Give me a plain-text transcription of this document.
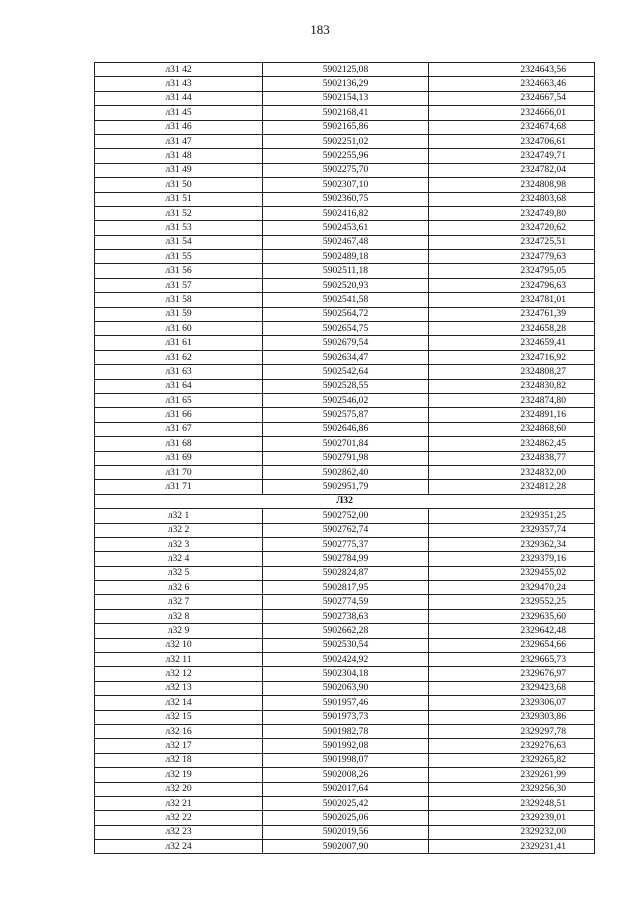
183
л31 42	5902125,08	2324643,56
л31 43	5902136,29	2324663,46
л31 44	5902154,13	2324667,54
л31 45	5902168,41	2324666,01
л31 46	5902165,86	2324674,68
л31 47	5902251,02	2324706,61
л31 48	5902255,96	2324749,71
л31 49	5902275,70	2324782,04
л31 50	5902307,10	2324808,98
л31 51	5902360,75	2324803,68
л31 52	5902416,82	2324749,80
л31 53	5902453,61	2324720,62
л31 54	5902467,48	2324725,51
л31 55	5902489,18	2324779,63
л31 56	5902511,18	2324795,05
л31 57	5902520,93	2324796,63
л31 58	5902541,58	2324781,01
л31 59	5902564,72	2324761,39
л31 60	5902654,75	2324658,28
л31 61	5902679,54	2324659,41
л31 62	5902634,47	2324716,92
л31 63	5902542,64	2324808,27
л31 64	5902528,55	2324830,82
л31 65	5902546,02	2324874,80
л31 66	5902575,87	2324891,16
л31 67	5902646,86	2324868,60
л31 68	5902701,84	2324862,45
л31 69	5902791,98	2324838,77
л31 70	5902862,40	2324832,00
л31 71	5902951,79	2324812,28
Л32		
л32 1	5902752,00	2329351,25
л32 2	5902762,74	2329357,74
л32 3	5902775,37	2329362,34
л32 4	5902784,99	2329379,16
л32 5	5902824,87	2329455,02
л32 6	5902817,95	2329470,24
л32 7	5902774,59	2329552,25
л32 8	5902738,63	2329635,60
л32 9	5902662,28	2329642,48
л32 10	5902530,54	2329654,66
л32 11	5902424,92	2329665,73
л32 12	5902304,18	2329676,97
л32 13	5902063,90	2329423,68
л32 14	5901957,46	2329306,07
л32 15	5901973,73	2329303,86
л32 16	5901982,78	2329297,78
л32 17	5901992,08	2329276,63
л32 18	5901998,07	2329265,82
л32 19	5902008,26	2329261,99
л32 20	5902017,64	2329256,30
л32 21	5902025,42	2329248,51
л32 22	5902025,06	2329239,01
л32 23	5902019,56	2329232,00
л32 24	5902007,90	2329231,41
